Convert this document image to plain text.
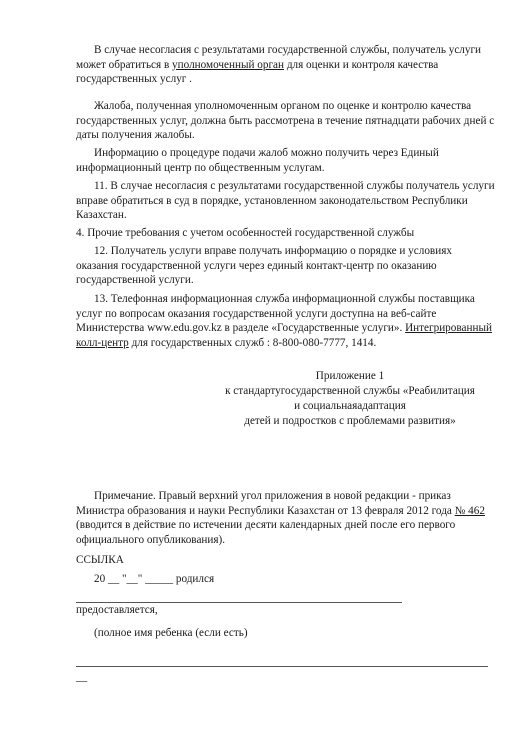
В случае несогласия с результатами государственной службы, получатель услуги может обратиться в уполномоченный орган для оценки и контроля качества государственных услуг .

Жалоба, полученная уполномоченным органом по оценке и контролю качества государственных услуг, должна быть рассмотрена в течение пятнадцати рабочих дней с даты получения жалобы.

Информацию о процедуре подачи жалоб можно получить через Единый информационный центр по общественным услугам.

11. В случае несогласия с результатами государственной службы получатель услуги вправе обратиться в суд в порядке, установленном законодательством Республики Казахстан.

4. Прочие требования с учетом особенностей государственной службы

12. Получатель услуги вправе получать информацию о порядке и условиях оказания государственной услуги через единый контакт-центр по оказанию государственной услуги.

13. Телефонная информационная служба информационной службы поставщика услуг по вопросам оказания государственной услуги доступна на веб-сайте Министерства www.edu.gov.kz в разделе «Государственные услуги». Интегрированный колл-центр для государственных служб : 8-800-080-7777, 1414.

Приложение 1

к стандартугосударственной службы «Реабилитация

и социальнаяадаптация

детей и подростков с проблемами развития»

Примечание. Правый верхний угол приложения в новой редакции - приказ Министра образования и науки Республики Казахстан от 13 февраля 2012 года № 462 (вводится в действие по истечении десяти календарных дней после его первого официального опубликования).

ССЫЛКА

20 __ "__" _____ родился

предоставляется,

(полное имя ребенка (если есть)

__
